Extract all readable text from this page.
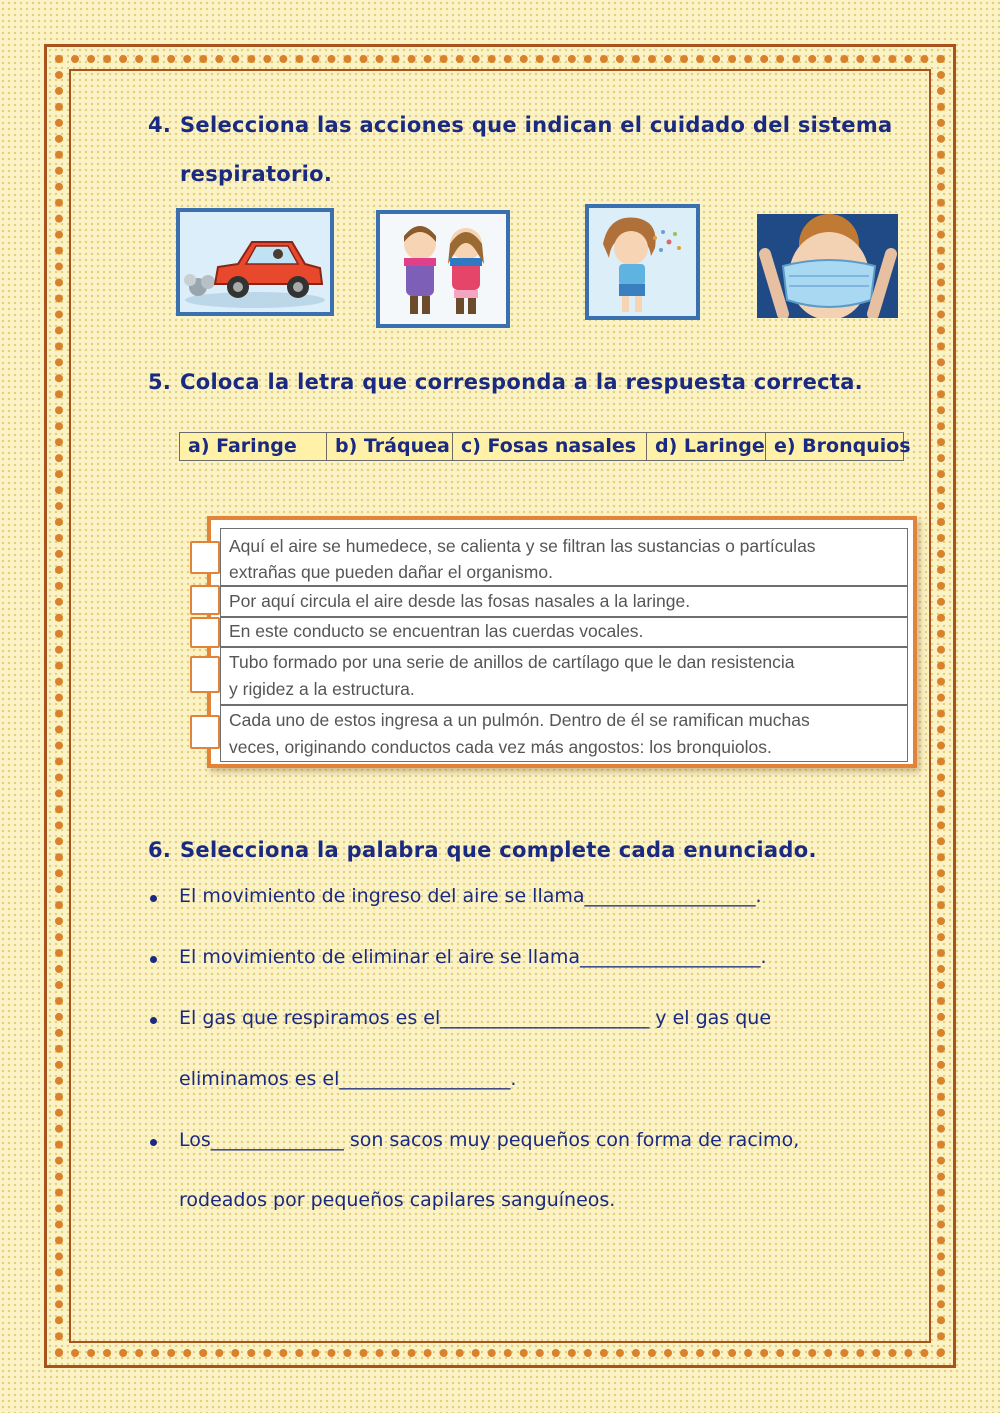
4. Selecciona las acciones que indican el cuidado del sistema

respiratorio.

5. Coloca la letra que corresponda a la respuesta correcta.

a) Faringe	b) Tráquea c) Fosas nasales d) Laringe e) Bronquios
Aquí el aire se humedece, se calienta y se filtran las sustancias o partículas
extrañas que pueden dañar el organismo.
Por aquí circula el aire desde las fosas nasales a la laringe.
En este conducto se encuentran las cuerdas vocales.
Tubo formado por una serie de anillos de cartílago que le dan resistencia
y rigidez a la estructura.
Cada uno de estos ingresa a un pulmón. Dentro de él se ramifican muchas
veces, originando conductos cada vez más angostos: los bronquiolos.

6. Selecciona la palabra que complete cada enunciado.

El movimiento de ingreso del aire se llama__________________.
El movimiento de eliminar el aire se llama___________________.
El gas que respiramos es el______________________ y el gas que
eliminamos es el__________________.
Los______________ son sacos muy pequeños con forma de racimo,
rodeados por pequeños capilares sanguíneos.
